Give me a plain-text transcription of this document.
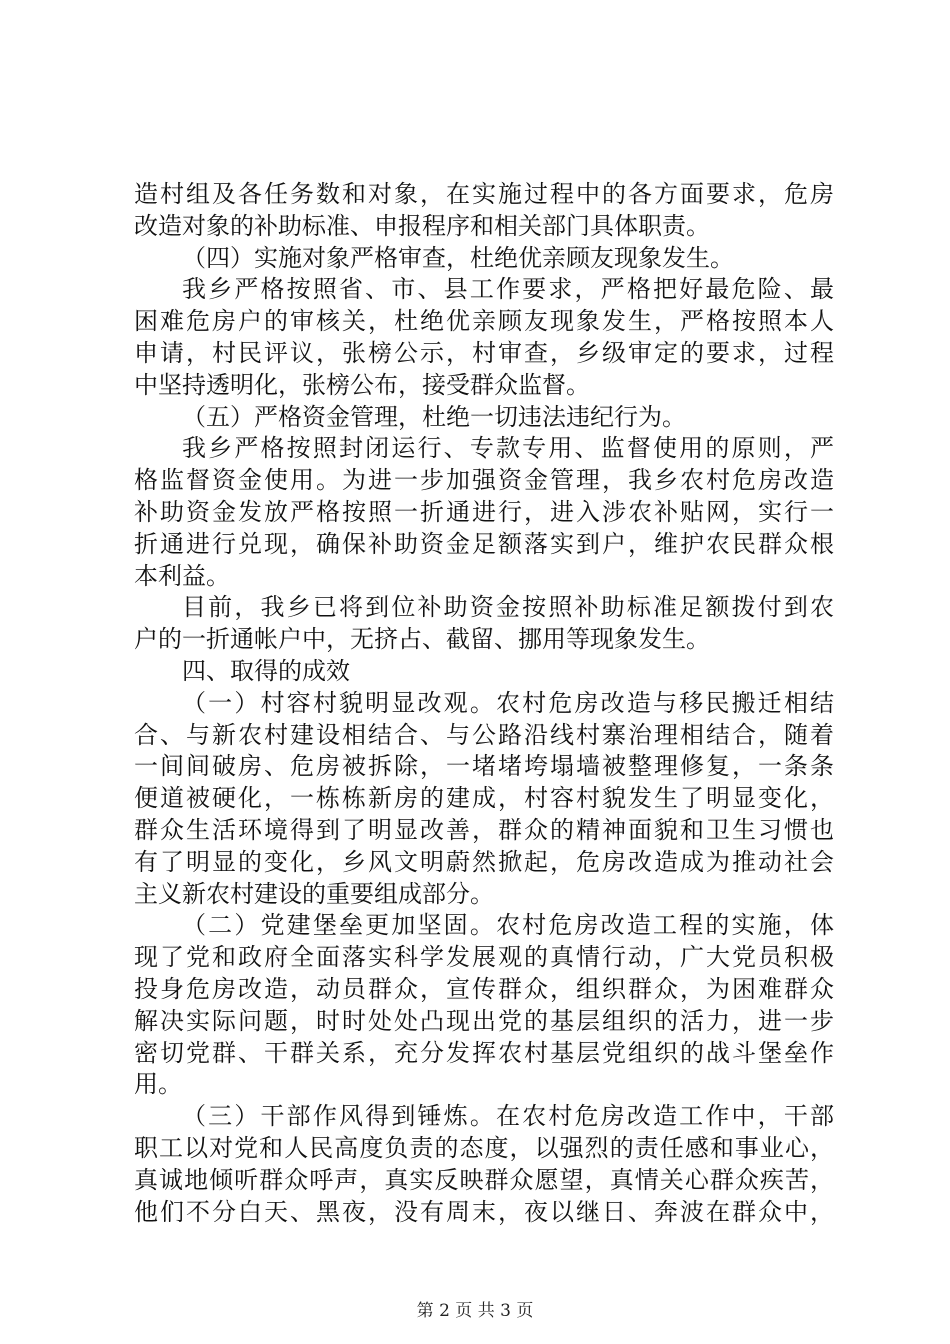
造村组及各任务数和对象，在实施过程中的各方面要求，危房
改造对象的补助标准、申报程序和相关部门具体职责。
（四）实施对象严格审查，杜绝优亲顾友现象发生。
我乡严格按照省、市、县工作要求，严格把好最危险、最
困难危房户的审核关，杜绝优亲顾友现象发生，严格按照本人
申请，村民评议，张榜公示，村审查，乡级审定的要求，过程
中坚持透明化，张榜公布，接受群众监督。
（五）严格资金管理，杜绝一切违法违纪行为。
我乡严格按照封闭运行、专款专用、监督使用的原则，严
格监督资金使用。为进一步加强资金管理，我乡农村危房改造
补助资金发放严格按照一折通进行，进入涉农补贴网，实行一
折通进行兑现，确保补助资金足额落实到户，维护农民群众根
本利益。
目前，我乡已将到位补助资金按照补助标准足额拨付到农
户的一折通帐户中，无挤占、截留、挪用等现象发生。
四、取得的成效
（一）村容村貌明显改观。农村危房改造与移民搬迁相结
合、与新农村建设相结合、与公路沿线村寨治理相结合，随着
一间间破房、危房被拆除，一堵堵垮塌墙被整理修复，一条条
便道被硬化，一栋栋新房的建成，村容村貌发生了明显变化，
群众生活环境得到了明显改善，群众的精神面貌和卫生习惯也
有了明显的变化，乡风文明蔚然掀起，危房改造成为推动社会
主义新农村建设的重要组成部分。
（二）党建堡垒更加坚固。农村危房改造工程的实施，体
现了党和政府全面落实科学发展观的真情行动，广大党员积极
投身危房改造，动员群众，宣传群众，组织群众，为困难群众
解决实际问题，时时处处凸现出党的基层组织的活力，进一步
密切党群、干群关系，充分发挥农村基层党组织的战斗堡垒作
用。
（三）干部作风得到锤炼。在农村危房改造工作中，干部
职工以对党和人民高度负责的态度，以强烈的责任感和事业心，
真诚地倾听群众呼声，真实反映群众愿望，真情关心群众疾苦，
他们不分白天、黑夜，没有周末，夜以继日、奔波在群众中，
第 2 页 共 3 页
